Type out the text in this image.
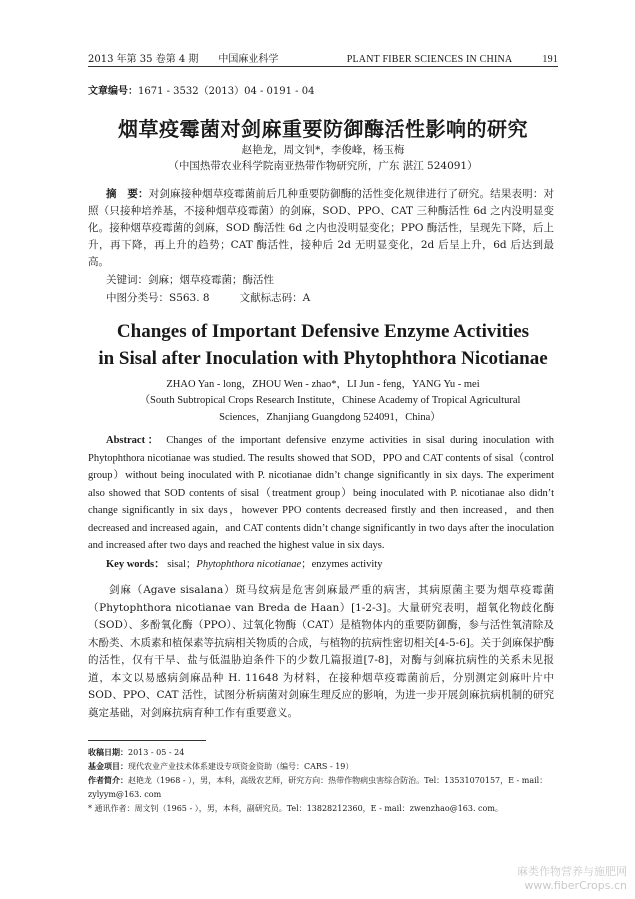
2013 年第 35 卷第 4 期　　中国麻业科学	PLANT FIBER SCIENCES IN CHINA　　　191
文章编号：1671 - 3532（2013）04 - 0191 - 04
烟草疫霉菌对剑麻重要防御酶活性影响的研究
赵艳龙，周文钊*，李俊峰，杨玉梅
（中国热带农业科学院南亚热带作物研究所，广东 湛江 524091）
摘　要：对剑麻接种烟草疫霉菌前后几种重要防御酶的活性变化规律进行了研究。结果表明：对照（只接种培养基，不接种烟草疫霉菌）的剑麻，SOD、PPO、CAT 三种酶活性 6d 之内没明显变化。接种烟草疫霉菌的剑麻，SOD 酶活性 6d 之内也没明显变化；PPO 酶活性，呈现先下降，后上升，再下降，再上升的趋势；CAT 酶活性，接种后 2d 无明显变化，2d 后呈上升，6d 后达到最高。
关键词：剑麻；烟草疫霉菌；酶活性
中图分类号：S563. 8	文献标志码：A
Changes of Important Defensive Enzyme Activities
in Sisal after Inoculation with Phytophthora Nicotianae
ZHAO Yan - long，ZHOU Wen - zhao*，LI Jun - feng，YANG Yu - mei
（South Subtropical Crops Research Institute，Chinese Academy of Tropical Agricultural Sciences，Zhanjiang Guangdong 524091，China）
Abstract： Changes of the important defensive enzyme activities in sisal during inoculation with Phytophthora nicotianae was studied. The results showed that SOD，PPO and CAT contents of sisal（control group）without being inoculated with P. nicotianae didn’t change significantly in six days. The experiment also showed that SOD contents of sisal（treatment group）being inoculated with P. nicotianae also didn’t change significantly in six days，however PPO contents decreased firstly and then increased，and then decreased and increased again，and CAT contents didn’t change significantly in two days after the inoculation and increased after two days and reached the highest value in six days.
Key words： sisal；Phytophthora nicotianae；enzymes activity
剑麻（Agave sisalana）斑马纹病是危害剑麻最严重的病害，其病原菌主要为烟草疫霉菌（Phytophthora nicotianae van Breda de Haan）[1-2-3]。大量研究表明，超氧化物歧化酶（SOD）、多酚氧化酶（PPO）、过氧化物酶（CAT）是植物体内的重要防御酶，参与活性氧清除及木酚类、木质素和植保素等抗病相关物质的合成，与植物的抗病性密切相关[4-5-6]。关于剑麻保护酶的活性，仅有干旱、盐与低温胁迫条件下的少数几篇报道[7-8]，对酶与剑麻抗病性的关系未见报道，本文以易感病剑麻品种 H. 11648 为材料，在接种烟草疫霉菌前后，分别测定剑麻叶片中 SOD、PPO、CAT 活性，试图分析病菌对剑麻生理反应的影响，为进一步开展剑麻抗病机制的研究奠定基础，对剑麻抗病育种工作有重要意义。
收稿日期：2013 - 05 - 24
基金项目：现代农业产业技术体系建设专项资金资助（编号：CARS - 19）
作者简介：赵艳龙（1968 - ），男，本科，高级农艺师，研究方向：热带作物病虫害综合防治。Tel：13531070157，E - mail：
zylyym@163. com
* 通讯作者：周文钊（1965 - ），男，本科，副研究员。Tel：13828212360，E - mail：zwenzhao@163. com。
麻类作物营养与施肥网
www.fiberCrops.cn
